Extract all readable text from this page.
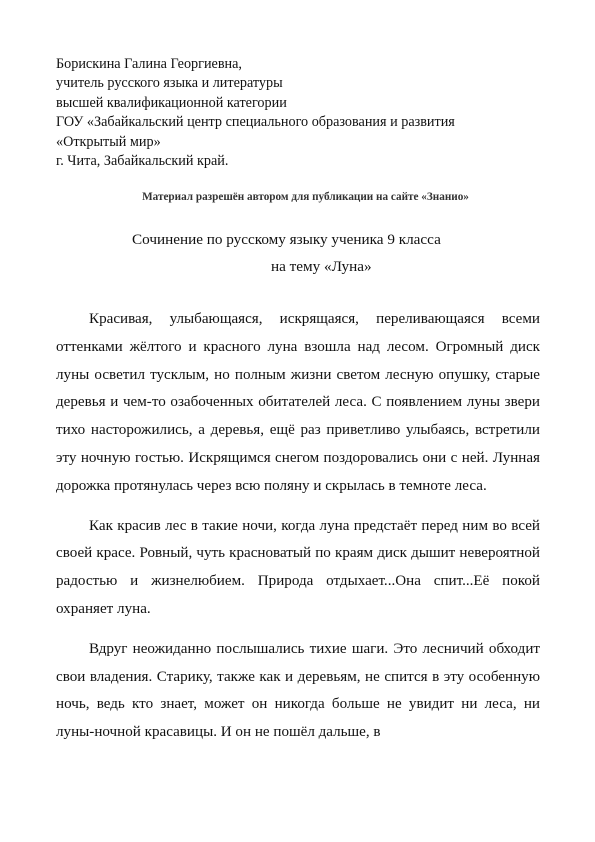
Борискина Галина Георгиевна,
учитель русского языка и литературы
высшей квалификационной категории
ГОУ «Забайкальский центр специального образования и развития
«Открытый мир»
г. Чита, Забайкальский край.
Материал разрешён автором для публикации на сайте «Знанио»
Сочинение по русскому языку ученика 9 класса
на тему «Луна»

Красивая, улыбающаяся, искрящаяся, переливающаяся всеми оттенками жёлтого и красного луна взошла над лесом. Огромный диск луны осветил тусклым, но полным жизни светом лесную опушку, старые деревья и чем-то озабоченных обитателей леса. С появлением луны звери тихо насторожились, а деревья, ещё раз приветливо улыбаясь, встретили эту ночную гостью. Искрящимся снегом поздоровались они с ней. Лунная дорожка протянулась через всю поляну и скрылась в темноте леса.

Как красив лес в такие ночи, когда луна предстаёт перед ним во всей своей красе. Ровный, чуть красноватый по краям диск дышит невероятной радостью и жизнелюбием. Природа отдыхает...Она спит...Её покой охраняет луна.

Вдруг неожиданно послышались тихие шаги. Это лесничий обходит свои владения. Старику, также как и деревьям, не спится в эту особенную ночь, ведь кто знает, может он никогда больше не увидит ни леса, ни луны-ночной красавицы. И он не пошёл дальше, в
